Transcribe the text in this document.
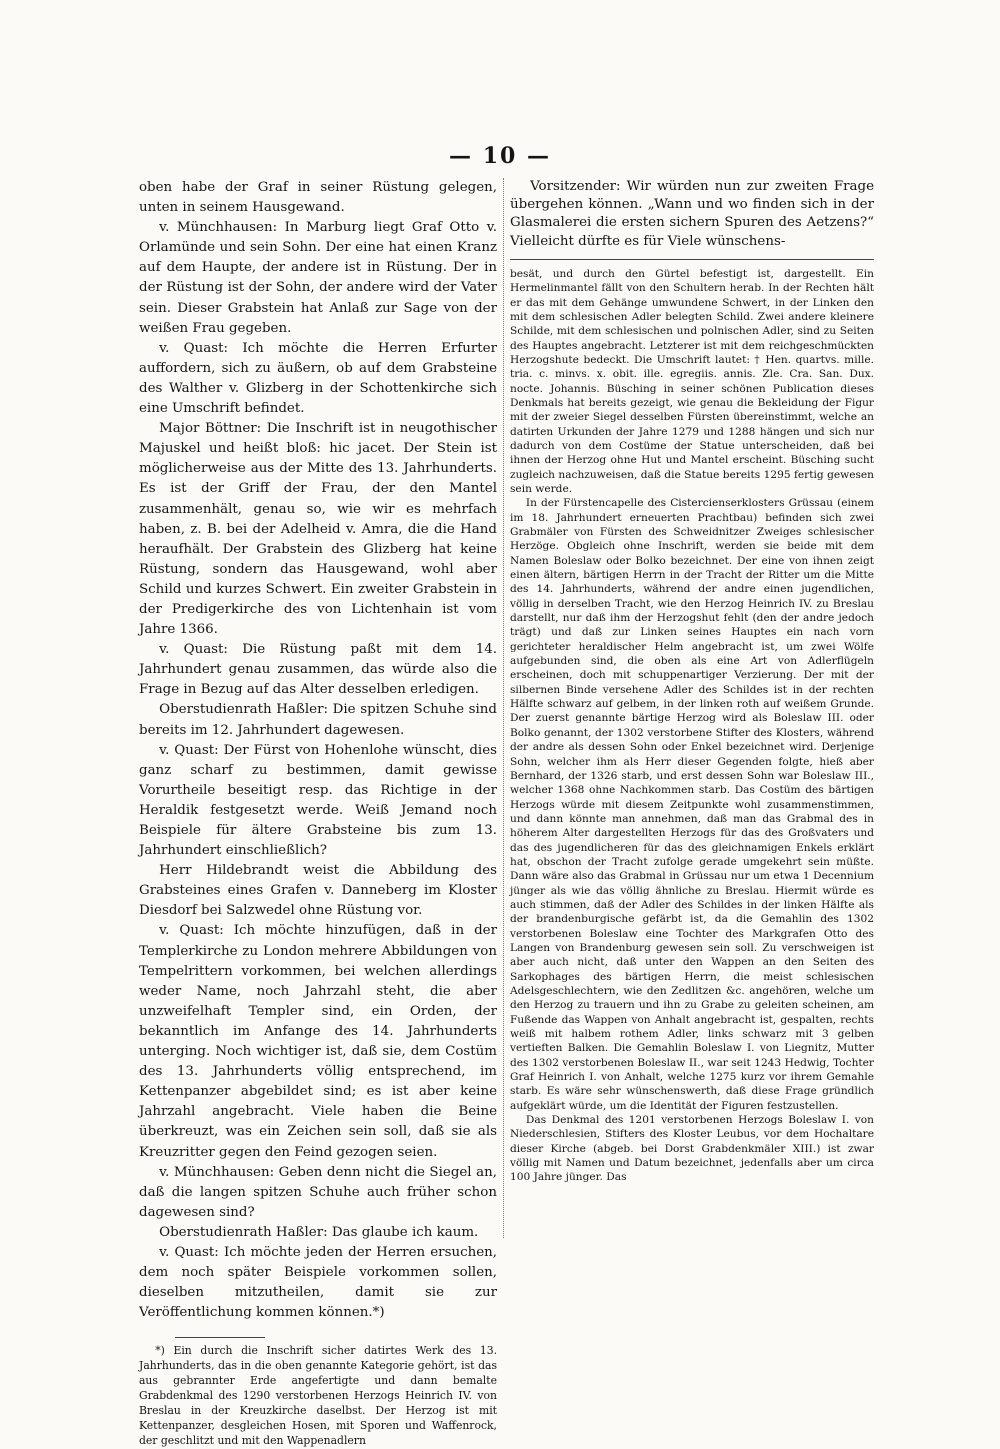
— 10 —

oben habe der Graf in seiner Rüstung gelegen, unten in seinem Hausgewand.

v. Münchhausen: In Marburg liegt Graf Otto v. Orlamünde und sein Sohn. Der eine hat einen Kranz auf dem Haupte, der andere ist in Rüstung. Der in der Rüstung ist der Sohn, der andere wird der Vater sein. Dieser Grabstein hat Anlaß zur Sage von der weißen Frau gegeben.

v. Quast: Ich möchte die Herren Erfurter auffordern, sich zu äußern, ob auf dem Grabsteine des Walther v. Glizberg in der Schottenkirche sich eine Umschrift befindet.

Major Böttner: Die Inschrift ist in neugothischer Majuskel und heißt bloß: hic jacet. Der Stein ist möglicherweise aus der Mitte des 13. Jahrhunderts. Es ist der Griff der Frau, der den Mantel zusammenhält, genau so, wie wir es mehrfach haben, z. B. bei der Adelheid v. Amra, die die Hand heraufhält. Der Grabstein des Glizberg hat keine Rüstung, sondern das Hausgewand, wohl aber Schild und kurzes Schwert. Ein zweiter Grabstein in der Predigerkirche des von Lichtenhain ist vom Jahre 1366.

v. Quast: Die Rüstung paßt mit dem 14. Jahrhundert genau zusammen, das würde also die Frage in Bezug auf das Alter desselben erledigen.

Oberstudienrath Haßler: Die spitzen Schuhe sind bereits im 12. Jahrhundert dagewesen.

v. Quast: Der Fürst von Hohenlohe wünscht, dies ganz scharf zu bestimmen, damit gewisse Vorurtheile beseitigt resp. das Richtige in der Heraldik festgesetzt werde. Weiß Jemand noch Beispiele für ältere Grabsteine bis zum 13. Jahrhundert einschließlich?

Herr Hildebrandt weist die Abbildung des Grabsteines eines Grafen v. Danneberg im Kloster Diesdorf bei Salzwedel ohne Rüstung vor.

v. Quast: Ich möchte hinzufügen, daß in der Templerkirche zu London mehrere Abbildungen von Tempelrittern vorkommen, bei welchen allerdings weder Name, noch Jahrzahl steht, die aber unzweifelhaft Templer sind, ein Orden, der bekanntlich im Anfange des 14. Jahrhunderts unterging. Noch wichtiger ist, daß sie, dem Costüm des 13. Jahrhunderts völlig entsprechend, im Kettenpanzer abgebildet sind; es ist aber keine Jahrzahl angebracht. Viele haben die Beine überkreuzt, was ein Zeichen sein soll, daß sie als Kreuzritter gegen den Feind gezogen seien.

v. Münchhausen: Geben denn nicht die Siegel an, daß die langen spitzen Schuhe auch früher schon dagewesen sind?

Oberstudienrath Haßler: Das glaube ich kaum.

v. Quast: Ich möchte jeden der Herren ersuchen, dem noch später Beispiele vorkommen sollen, dieselben mitzutheilen, damit sie zur Veröffentlichung kommen können.*)

*) Ein durch die Inschrift sicher datirtes Werk des 13. Jahrhunderts, das in die oben genannte Kategorie gehört, ist das aus gebrannter Erde angefertigte und dann bemalte Grabdenkmal des 1290 verstorbenen Herzogs Heinrich IV. von Breslau in der Kreuzkirche daselbst. Der Herzog ist mit Kettenpanzer, desgleichen Hosen, mit Sporen und Waffenrock, der geschlitzt und mit den Wappenadlern

Vorsitzender: Wir würden nun zur zweiten Frage übergehen können. „Wann und wo finden sich in der Glasmalerei die ersten sichern Spuren des Aetzens?“ Vielleicht dürfte es für Viele wünschens-

besät, und durch den Gürtel befestigt ist, dargestellt. Ein Hermelinmantel fällt von den Schultern herab. In der Rechten hält er das mit dem Gehänge umwundene Schwert, in der Linken den mit dem schlesischen Adler belegten Schild. Zwei andere kleinere Schilde, mit dem schlesischen und polnischen Adler, sind zu Seiten des Hauptes angebracht. Letzterer ist mit dem reichgeschmückten Herzogshute bedeckt. Die Umschrift lautet: † Hen. quartvs. mille. tria. c. minvs. x. obit. ille. egregiis. annis. Zle. Cra. San. Dux. nocte. Johannis. Büsching in seiner schönen Publication dieses Denkmals hat bereits gezeigt, wie genau die Bekleidung der Figur mit der zweier Siegel desselben Fürsten übereinstimmt, welche an datirten Urkunden der Jahre 1279 und 1288 hängen und sich nur dadurch von dem Costüme der Statue unterscheiden, daß bei ihnen der Herzog ohne Hut und Mantel erscheint. Büsching sucht zugleich nachzuweisen, daß die Statue bereits 1295 fertig gewesen sein werde.

In der Fürstencapelle des Cistercienserklosters Grüssau (einem im 18. Jahrhundert erneuerten Prachtbau) befinden sich zwei Grabmäler von Fürsten des Schweidnitzer Zweiges schlesischer Herzöge. Obgleich ohne Inschrift, werden sie beide mit dem Namen Boleslaw oder Bolko bezeichnet. Der eine von ihnen zeigt einen ältern, bärtigen Herrn in der Tracht der Ritter um die Mitte des 14. Jahrhunderts, während der andre einen jugendlichen, völlig in derselben Tracht, wie den Herzog Heinrich IV. zu Breslau darstellt, nur daß ihm der Herzogshut fehlt (den der andre jedoch trägt) und daß zur Linken seines Hauptes ein nach vorn gerichteter heraldischer Helm angebracht ist, um zwei Wölfe aufgebunden sind, die oben als eine Art von Adlerflügeln erscheinen, doch mit schuppenartiger Verzierung. Der mit der silbernen Binde versehene Adler des Schildes ist in der rechten Hälfte schwarz auf gelbem, in der linken roth auf weißem Grunde. Der zuerst genannte bärtige Herzog wird als Boleslaw III. oder Bolko genannt, der 1302 verstorbene Stifter des Klosters, während der andre als dessen Sohn oder Enkel bezeichnet wird. Derjenige Sohn, welcher ihm als Herr dieser Gegenden folgte, hieß aber Bernhard, der 1326 starb, und erst dessen Sohn war Boleslaw III., welcher 1368 ohne Nachkommen starb. Das Costüm des bärtigen Herzogs würde mit diesem Zeitpunkte wohl zusammenstimmen, und dann könnte man annehmen, daß man das Grabmal des in höherem Alter dargestellten Herzogs für das des Großvaters und das des jugendlicheren für das des gleichnamigen Enkels erklärt hat, obschon der Tracht zufolge gerade umgekehrt sein müßte. Dann wäre also das Grabmal in Grüssau nur um etwa 1 Decennium jünger als wie das völlig ähnliche zu Breslau. Hiermit würde es auch stimmen, daß der Adler des Schildes in der linken Hälfte als der brandenburgische gefärbt ist, da die Gemahlin des 1302 verstorbenen Boleslaw eine Tochter des Markgrafen Otto des Langen von Brandenburg gewesen sein soll. Zu verschweigen ist aber auch nicht, daß unter den Wappen an den Seiten des Sarkophages des bärtigen Herrn, die meist schlesischen Adelsgeschlechtern, wie den Zedlitzen &c. angehören, welche um den Herzog zu trauern und ihn zu Grabe zu geleiten scheinen, am Fußende das Wappen von Anhalt angebracht ist, gespalten, rechts weiß mit halbem rothem Adler, links schwarz mit 3 gelben vertieften Balken. Die Gemahlin Boleslaw I. von Liegnitz, Mutter des 1302 verstorbenen Boleslaw II., war seit 1243 Hedwig, Tochter Graf Heinrich I. von Anhalt, welche 1275 kurz vor ihrem Gemahle starb. Es wäre sehr wünschenswerth, daß diese Frage gründlich aufgeklärt würde, um die Identität der Figuren festzustellen.

Das Denkmal des 1201 verstorbenen Herzogs Boleslaw I. von Niederschlesien, Stifters des Kloster Leubus, vor dem Hochaltare dieser Kirche (abgeb. bei Dorst Grabdenkmäler XIII.) ist zwar völlig mit Namen und Datum bezeichnet, jedenfalls aber um circa 100 Jahre jünger. Das
